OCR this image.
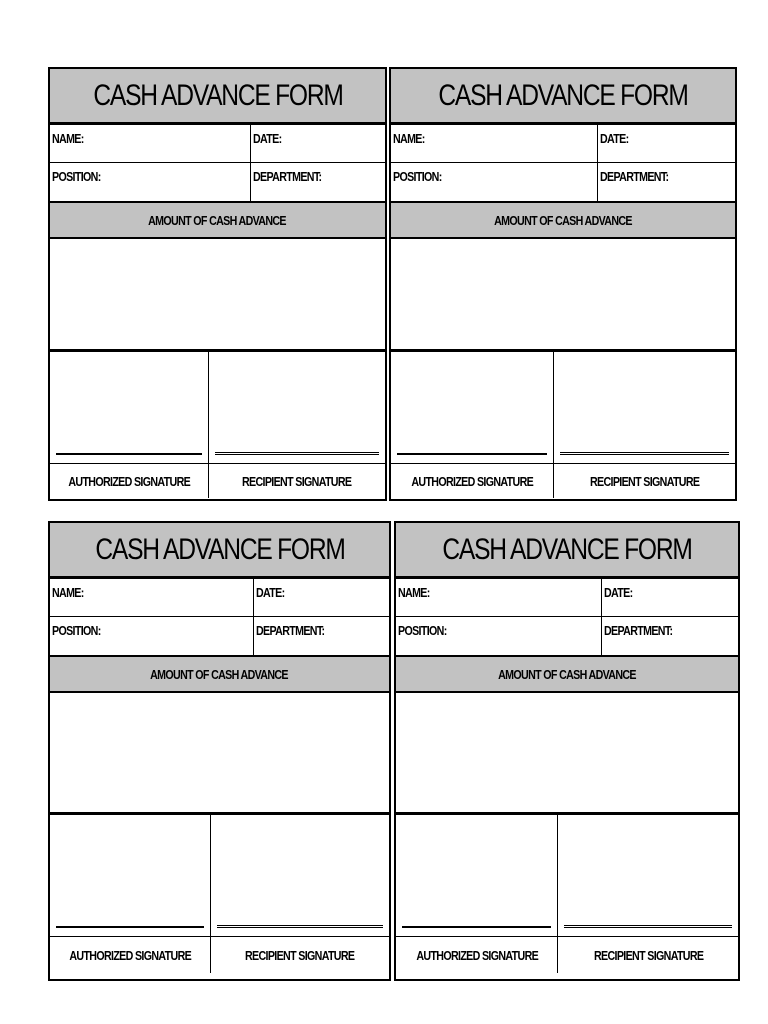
CASH ADVANCE FORM
NAME:	DATE:
POSITION:	DEPARTMENT:
AMOUNT OF CASH ADVANCE
AUTHORIZED SIGNATURE	RECIPIENT SIGNATURE
CASH ADVANCE FORM
NAME:	DATE:
POSITION:	DEPARTMENT:
AMOUNT OF CASH ADVANCE
AUTHORIZED SIGNATURE	RECIPIENT SIGNATURE
CASH ADVANCE FORM
NAME:	DATE:
POSITION:	DEPARTMENT:
AMOUNT OF CASH ADVANCE
AUTHORIZED SIGNATURE	RECIPIENT SIGNATURE
CASH ADVANCE FORM
NAME:	DATE:
POSITION:	DEPARTMENT:
AMOUNT OF CASH ADVANCE
AUTHORIZED SIGNATURE	RECIPIENT SIGNATURE
